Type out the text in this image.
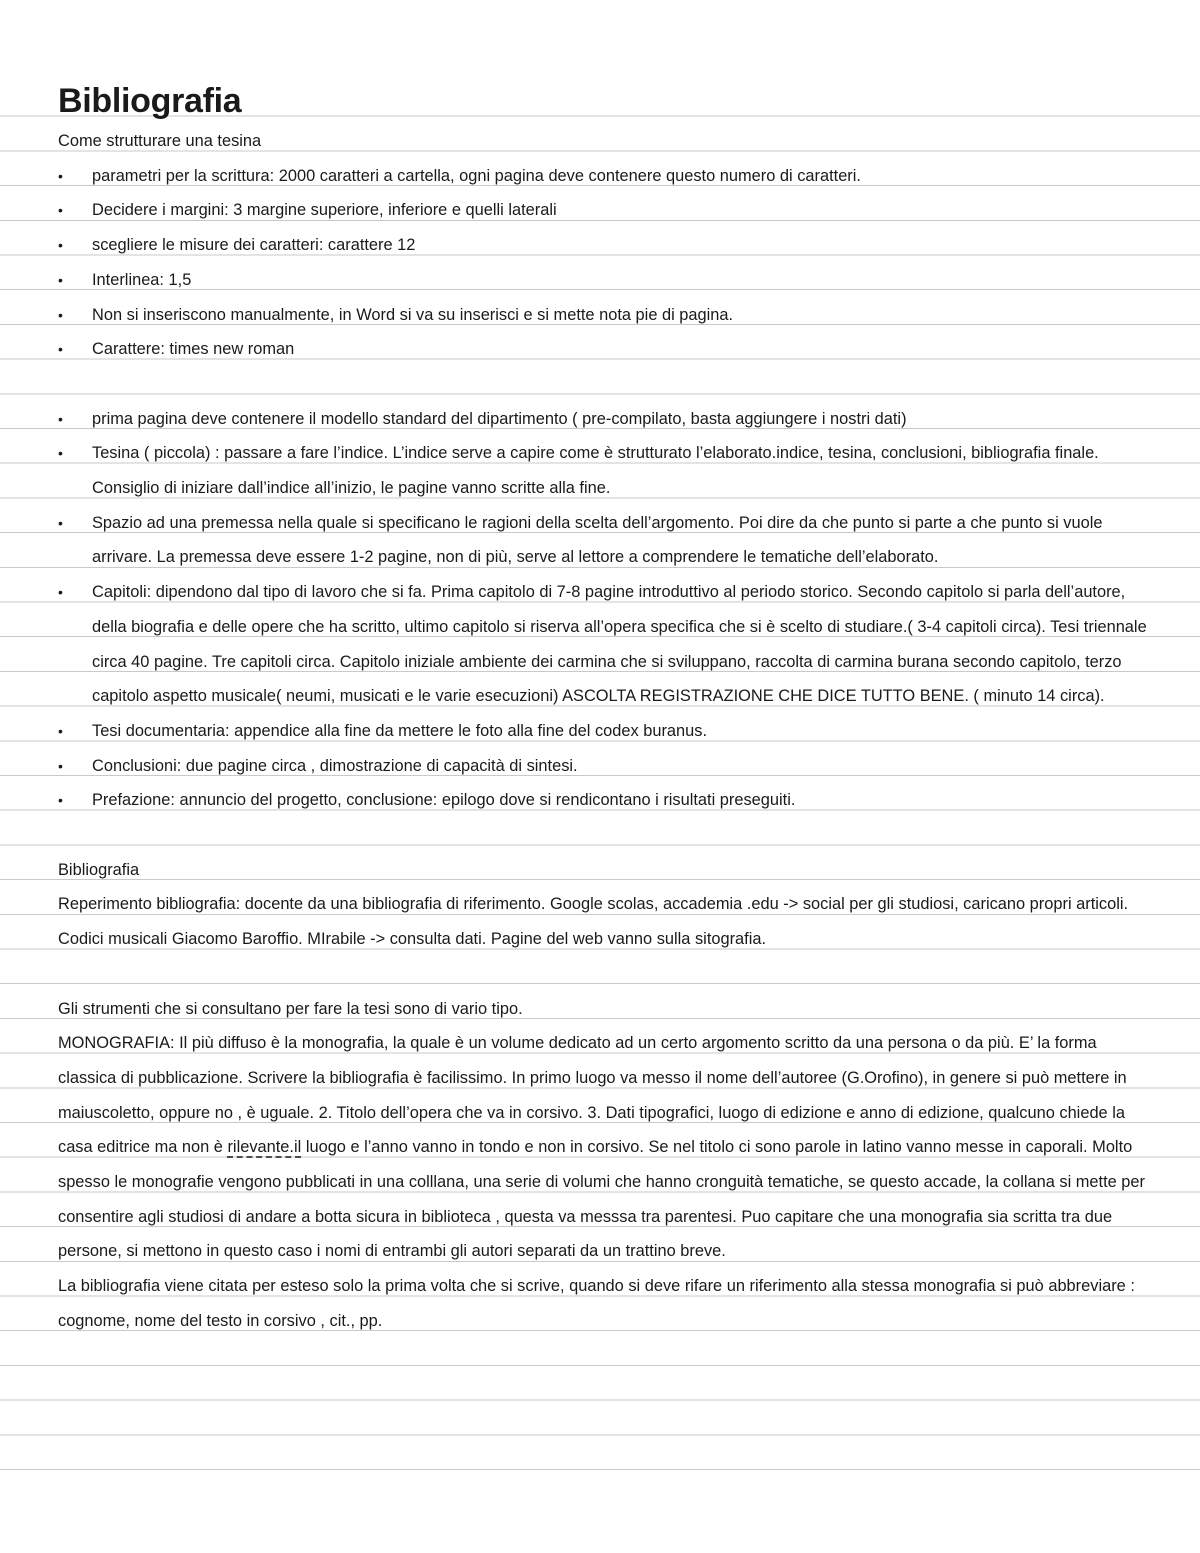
Bibliografia

Come strutturare una tesina

•	parametri per la scrittura: 2000 caratteri a cartella, ogni pagina deve contenere questo numero di caratteri.
•	Decidere i margini: 3 margine superiore, inferiore e quelli laterali
•	scegliere le misure dei caratteri: carattere 12
•	Interlinea: 1,5
•	Non si inseriscono manualmente, in Word si va su inserisci e si mette nota pie di pagina.
•	Carattere: times new roman
•	prima pagina deve contenere il modello standard del dipartimento ( pre-compilato, basta aggiungere i nostri dati)
•	Tesina ( piccola) : passare a fare l’indice. L’indice serve a capire come è strutturato l’elaborato.indice, tesina, conclusioni, bibliografia finale. Consiglio di iniziare dall’indice all’inizio, le pagine vanno scritte alla fine.
•	Spazio ad una premessa nella quale si specificano le ragioni della scelta dell’argomento. Poi dire da che punto si parte a che punto si vuole arrivare. La premessa deve essere 1-2 pagine, non di più, serve al lettore a comprendere le tematiche dell’elaborato.
•	Capitoli: dipendono dal tipo di lavoro che si fa. Prima capitolo di 7-8 pagine introduttivo al periodo storico. Secondo capitolo si parla dell’autore, della biografia e delle opere che ha scritto, ultimo capitolo si riserva all’opera specifica che si è scelto di studiare.( 3-4 capitoli circa). Tesi triennale circa 40 pagine. Tre capitoli circa. Capitolo iniziale ambiente dei carmina che si sviluppano, raccolta di carmina burana secondo capitolo, terzo capitolo aspetto musicale( neumi, musicati e le varie esecuzioni) ASCOLTA REGISTRAZIONE CHE DICE TUTTO BENE. ( minuto 14 circa).
•	Tesi documentaria: appendice alla fine da mettere le foto alla fine del codex buranus.
•	Conclusioni: due pagine circa , dimostrazione di capacità di sintesi.
•	Prefazione: annuncio del progetto, conclusione: epilogo dove si rendicontano i risultati preseguiti.

Bibliografia

Reperimento bibliografia: docente da una bibliografia di riferimento. Google scolas, accademia .edu -> social per gli studiosi, caricano propri articoli. Codici musicali Giacomo Baroffio. MIrabile -> consulta dati. Pagine del web vanno sulla sitografia.

Gli strumenti che si consultano per fare la tesi sono di vario tipo.

MONOGRAFIA: Il più diffuso è la monografia, la quale è un volume dedicato ad un certo argomento scritto da una persona o da più. E’ la forma classica di pubblicazione. Scrivere la bibliografia è facilissimo. In primo luogo va messo il nome dell’autoree (G.Orofino), in genere si può mettere in maiuscoletto, oppure no , è uguale. 2. Titolo dell’opera che va in corsivo. 3. Dati tipografici, luogo di edizione e anno di edizione, qualcuno chiede la casa editrice ma non è rilevante.il luogo e l’anno vanno in tondo e non in corsivo. Se nel titolo ci sono parole in latino vanno messe in caporali. Molto spesso le monografie vengono pubblicati in una colllana, una serie di volumi che hanno cronguità tematiche, se questo accade, la collana si mette per consentire agli studiosi di andare a botta sicura in biblioteca , questa va messsa tra parentesi. Puo capitare che una monografia sia scritta tra due persone, si mettono in questo caso i nomi di entrambi gli autori separati da un trattino breve.

La bibliografia viene citata per esteso solo la prima volta che si scrive, quando si deve rifare un riferimento alla stessa monografia si può abbreviare : cognome, nome del testo in corsivo , cit., pp.
